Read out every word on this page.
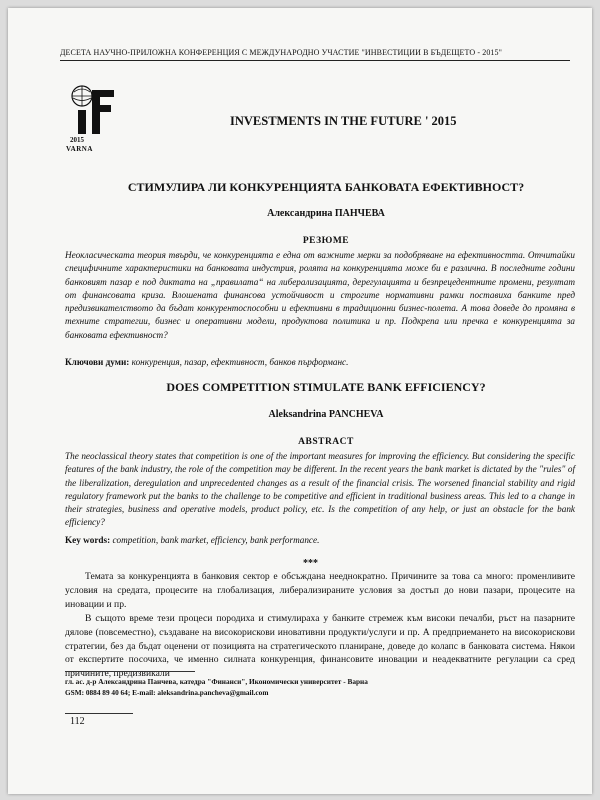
ДЕСЕТА НАУЧНО-ПРИЛОЖНА КОНФЕРЕНЦИЯ С МЕЖДУНАРОДНО УЧАСТИЕ "ИНВЕСТИЦИИ В БЪДЕЩЕТО - 2015"
2015
VARNA
INVESTMENTS IN THE FUTURE ' 2015
СТИМУЛИРА ЛИ КОНКУРЕНЦИЯТА БАНКОВАТА ЕФЕКТИВНОСТ?
Александрина ПАНЧЕВА
РЕЗЮМЕ
Неокласическата теория твърди, че конкуренцията е една от важните мерки за подобряване на ефективността. Отчитайки специфичните характеристики на банковата индустрия, ролята на конкуренцията може би е различна. В последните години банковият пазар е под диктата на „правилата“ на либерализацията, дерегулацията и безпрецедентните промени, резултат от финансовата криза. Влошената финансова устойчивост и строгите нормативни рамки поставиха банките пред предизвикателството да бъдат конкурентоспособни и ефективни в традиционни бизнес-полета. А това доведе до промяна в техните стратегии, бизнес и оперативни модели, продуктова политика и пр. Подкрепа или пречка е конкуренцията за банковата ефективност?
Ключови думи: конкуренция, пазар, ефективност, банков пърформанс.
DOES COMPETITION STIMULATE BANK EFFICIENCY?
Aleksandrina PANCHEVA
ABSTRACT
The neoclassical theory states that competition is one of the important measures for improving the efficiency. But considering the specific features of the bank industry, the role of the competition may be different. In the recent years the bank market is dictated by the "rules" of the liberalization, deregulation and unprecedented changes as a result of the financial crisis. The worsened financial stability and rigid regulatory framework put the banks to the challenge to be competitive and efficient in traditional business areas. This led to a change in their strategies, business and operative models, product policy, etc. Is the competition of any help, or just an obstacle for the bank efficiency?
Key words: competition, bank market, efficiency, bank performance.
***

Темата за конкуренцията в банковия сектор е обсъждана нееднократно. Причините за това са много: променливите условия на средата, процесите на глобализация, либерализираните условия за достъп до нови пазари, процесите на иновации и пр.

В същото време тези процеси породиха и стимулираха у банките стремеж към високи печалби, ръст на пазарните дялове (повсеместно), създаване на високорискови иновативни продукти/услуги и пр. А предприемането на високорискови стратегии, без да бъдат оценени от позицията на стратегическото планиране, доведе до колапс в банковата система. Някои от експертите посочиха, че именно силната конкуренция, финансовите иновации и неадекватните регулации са сред причините, предизвикали

гл. ас. д-р Александрина Панчева, катедра "Финанси", Икономически университет - Варна
GSM: 0884 89 40 64; E-mail: aleksandrina.pancheva@gmail.com
112
